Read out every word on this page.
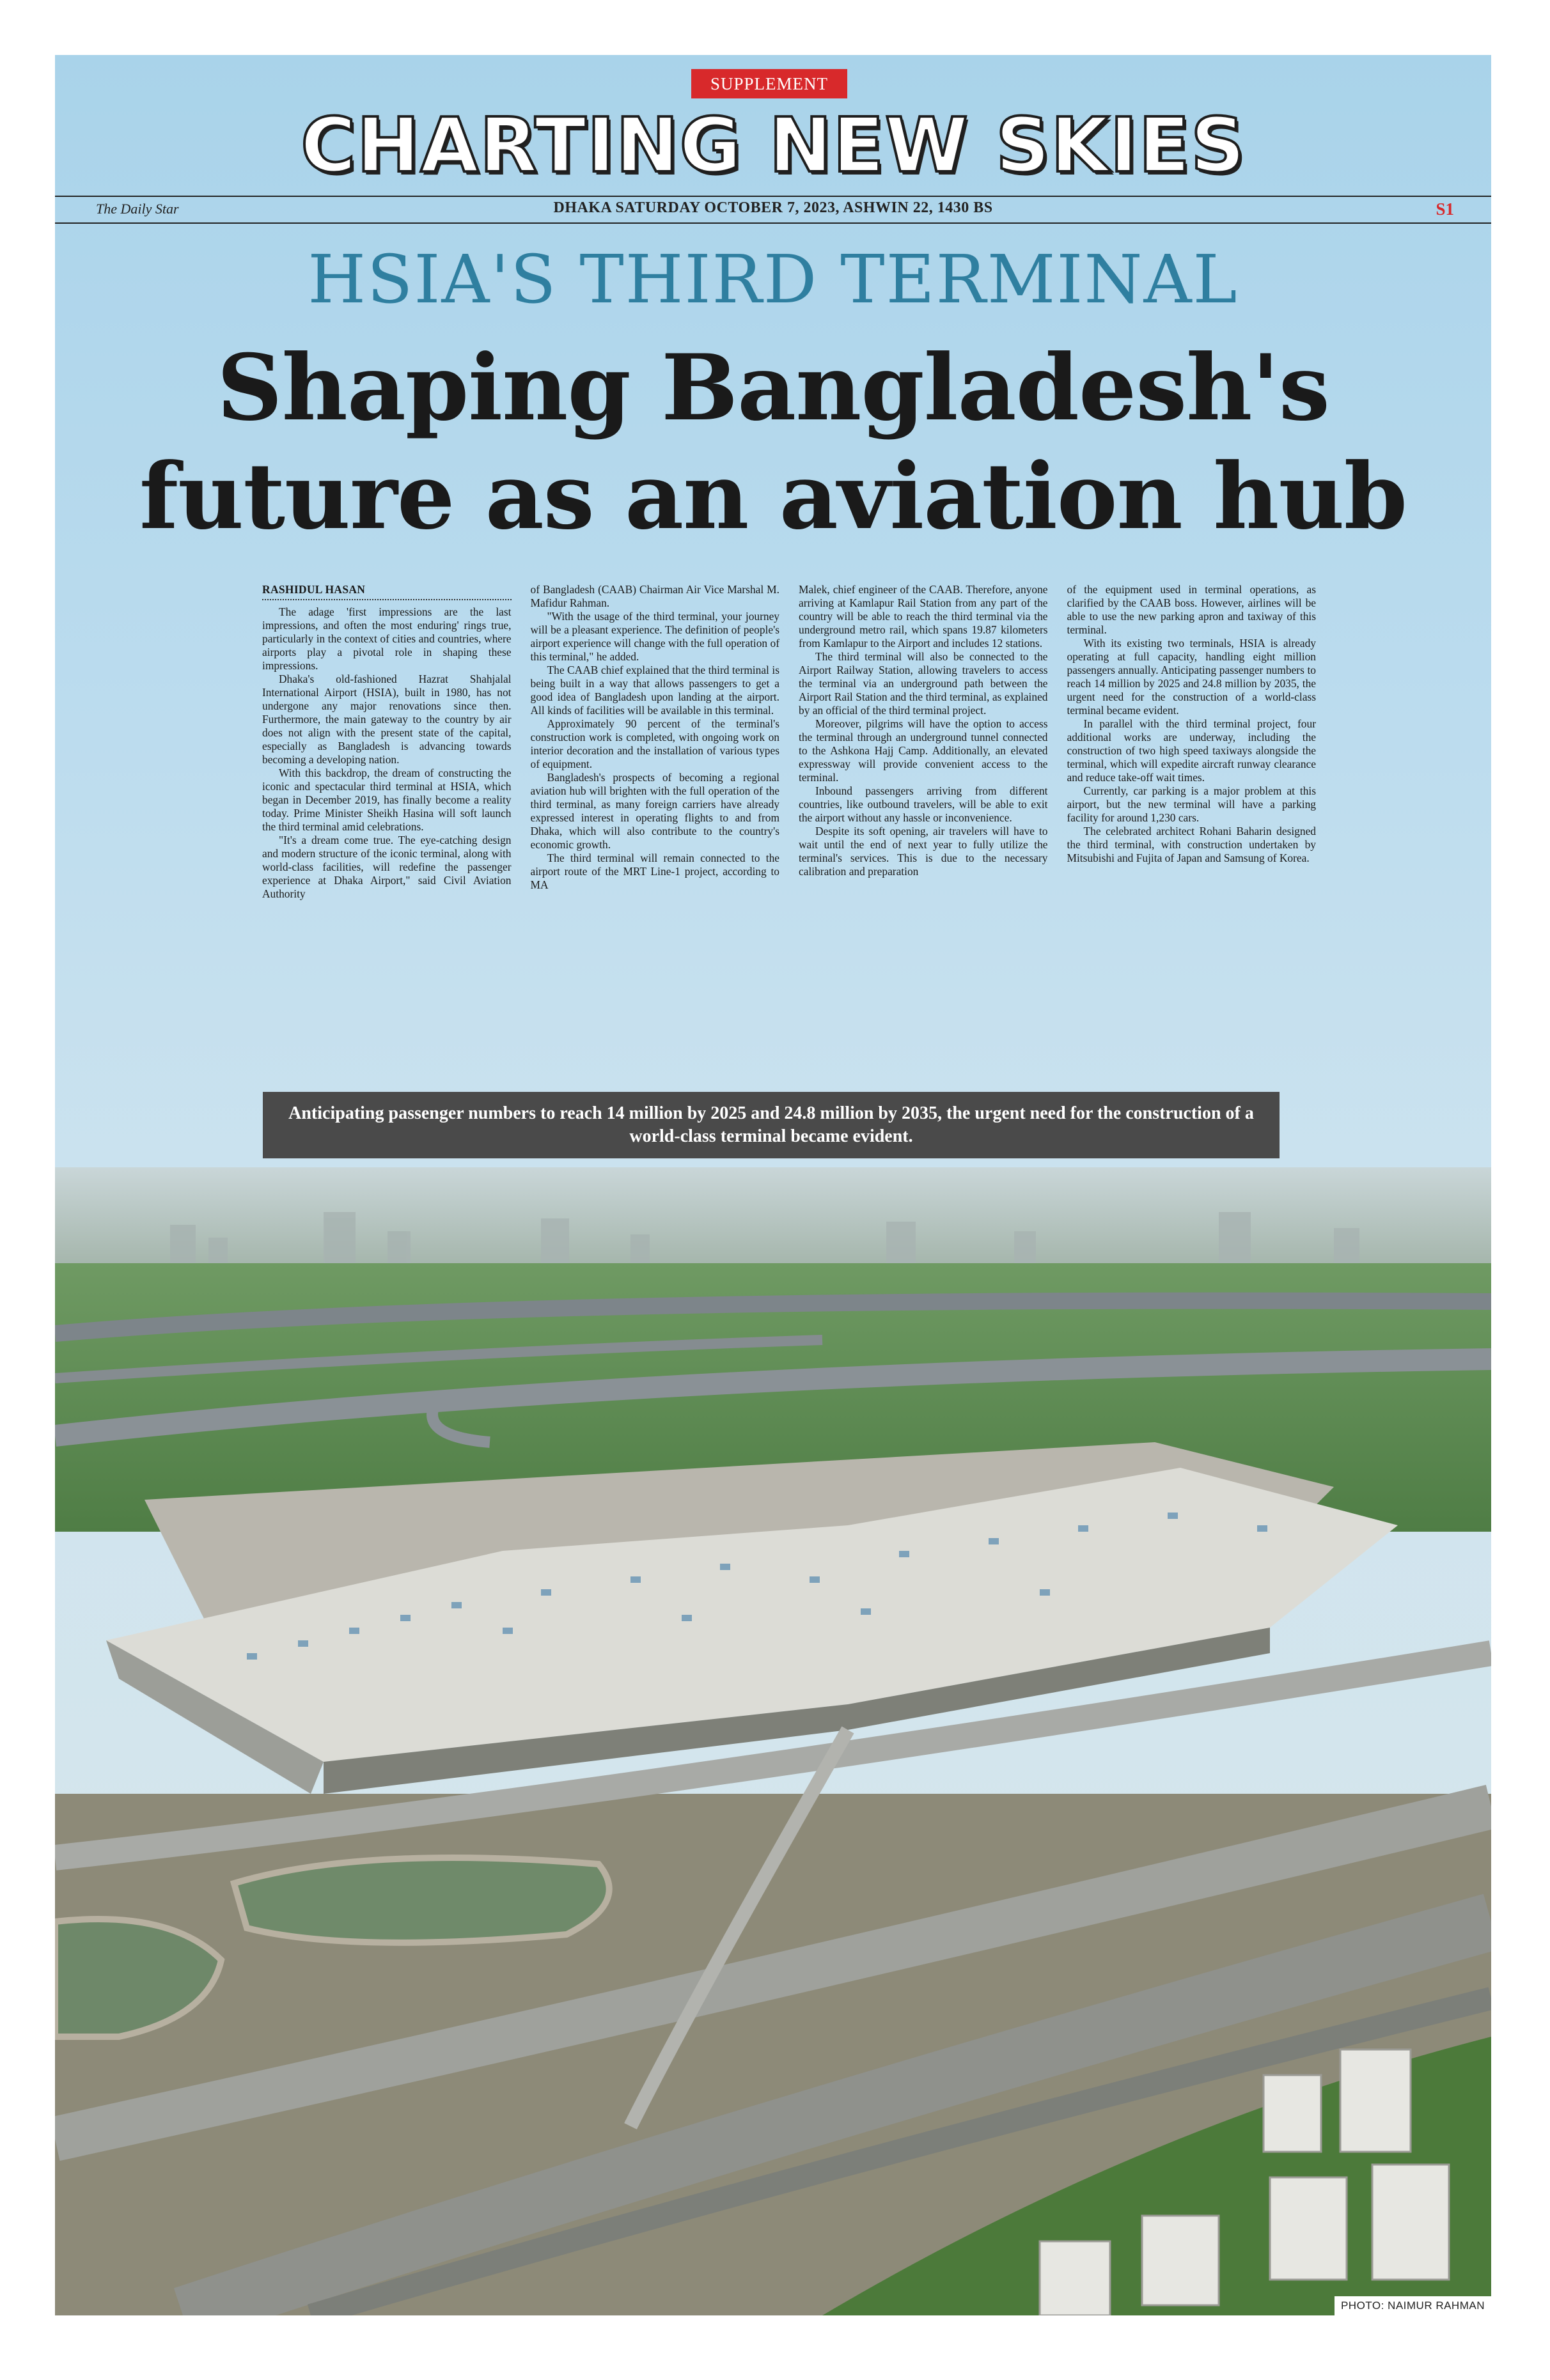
SUPPLEMENT
CHARTING NEW SKIES
The Daily Star	DHAKA SATURDAY OCTOBER 7, 2023, ASHWIN 22, 1430 BS	S1
HSIA'S THIRD TERMINAL
Shaping Bangladesh's
future as an aviation hub
RASHIDUL HASAN

The adage 'first impressions are the last impressions, and often the most enduring' rings true, particularly in the context of cities and countries, where airports play a pivotal role in shaping these impressions.

Dhaka's old-fashioned Hazrat Shahjalal International Airport (HSIA), built in 1980, has not undergone any major renovations since then. Furthermore, the main gateway to the country by air does not align with the present state of the capital, especially as Bangladesh is advancing towards becoming a developing nation.

With this backdrop, the dream of constructing the iconic and spectacular third terminal at HSIA, which began in December 2019, has finally become a reality today. Prime Minister Sheikh Hasina will soft launch the third terminal amid celebrations.

"It's a dream come true. The eye-catching design and modern structure of the iconic terminal, along with world-class facilities, will redefine the passenger experience at Dhaka Airport," said Civil Aviation Authority

of Bangladesh (CAAB) Chairman Air Vice Marshal M. Mafidur Rahman.

"With the usage of the third terminal, your journey will be a pleasant experience. The definition of people's airport experience will change with the full operation of this terminal," he added.

The CAAB chief explained that the third terminal is being built in a way that allows passengers to get a good idea of Bangladesh upon landing at the airport. All kinds of facilities will be available in this terminal.

Approximately 90 percent of the terminal's construction work is completed, with ongoing work on interior decoration and the installation of various types of equipment.

Bangladesh's prospects of becoming a regional aviation hub will brighten with the full operation of the third terminal, as many foreign carriers have already expressed interest in operating flights to and from Dhaka, which will also contribute to the country's economic growth.

The third terminal will remain connected to the airport route of the MRT Line-1 project, according to MA

Malek, chief engineer of the CAAB. Therefore, anyone arriving at Kamlapur Rail Station from any part of the country will be able to reach the third terminal via the underground metro rail, which spans 19.87 kilometers from Kamlapur to the Airport and includes 12 stations.

The third terminal will also be connected to the Airport Railway Station, allowing travelers to access the terminal via an underground path between the Airport Rail Station and the third terminal, as explained by an official of the third terminal project.

Moreover, pilgrims will have the option to access the terminal through an underground tunnel connected to the Ashkona Hajj Camp. Additionally, an elevated expressway will provide convenient access to the terminal.

Inbound passengers arriving from different countries, like outbound travelers, will be able to exit the airport without any hassle or inconvenience.

Despite its soft opening, air travelers will have to wait until the end of next year to fully utilize the terminal's services. This is due to the necessary calibration and preparation

of the equipment used in terminal operations, as clarified by the CAAB boss. However, airlines will be able to use the new parking apron and taxiway of this terminal.

With its existing two terminals, HSIA is already operating at full capacity, handling eight million passengers annually. Anticipating passenger numbers to reach 14 million by 2025 and 24.8 million by 2035, the urgent need for the construction of a world-class terminal became evident.

In parallel with the third terminal project, four additional works are underway, including the construction of two high speed taxiways alongside the terminal, which will expedite aircraft runway clearance and reduce take-off wait times.

Currently, car parking is a major problem at this airport, but the new terminal will have a parking facility for around 1,230 cars.

The celebrated architect Rohani Baharin designed the third terminal, with construction undertaken by Mitsubishi and Fujita of Japan and Samsung of Korea.

Anticipating passenger numbers to reach 14 million by 2025 and 24.8 million by 2035, the urgent need for the construction of a world-class terminal became evident.
PHOTO: NAIMUR RAHMAN
